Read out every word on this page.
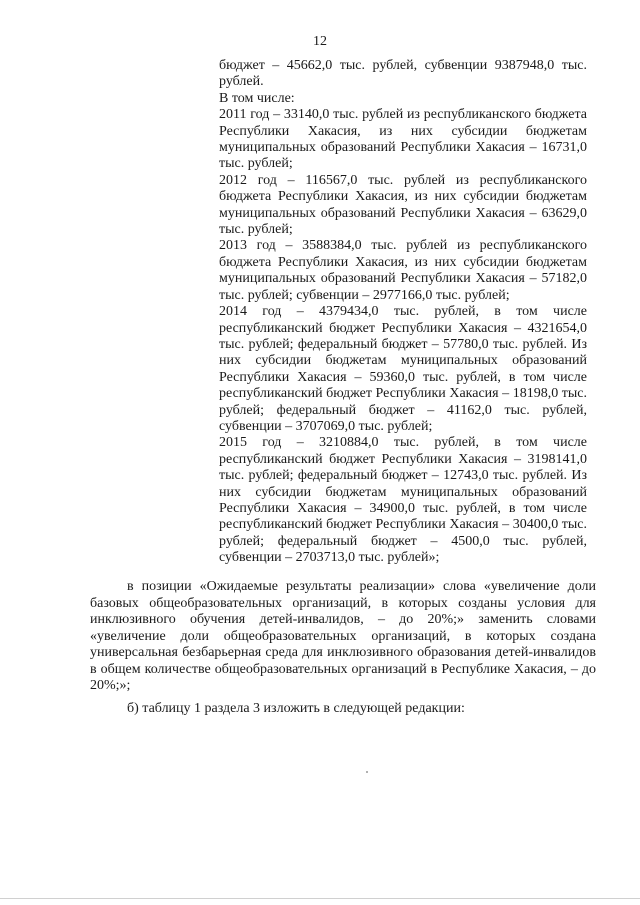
12

бюджет – 45662,0 тыс. рублей, субвенции 9387948,0 тыс. рублей.

В том числе:

2011 год – 33140,0 тыс. рублей из республиканского бюджета Республики Хакасия, из них субсидии бюджетам муниципальных образований Республики Хакасия – 16731,0 тыс. рублей;

2012 год – 116567,0 тыс. рублей из республиканского бюджета Республики Хакасия, из них субсидии бюджетам муниципальных образований Республики Хакасия – 63629,0 тыс. рублей;

2013 год – 3588384,0 тыс. рублей из республиканского бюджета Республики Хакасия, из них субсидии бюджетам муниципальных образований Республики Хакасия – 57182,0 тыс. рублей; субвенции – 2977166,0 тыс. рублей;

2014 год – 4379434,0 тыс. рублей, в том числе республиканский бюджет Республики Хакасия – 4321654,0 тыс. рублей; федеральный бюджет – 57780,0 тыс. рублей. Из них субсидии бюджетам муниципальных образований Республики Хакасия – 59360,0 тыс. рублей, в том числе республиканский бюджет Республики Хакасия – 18198,0 тыс. рублей; федеральный бюджет – 41162,0 тыс. рублей, субвенции – 3707069,0 тыс. рублей;

2015 год – 3210884,0 тыс. рублей, в том числе республиканский бюджет Республики Хакасия – 3198141,0 тыс. рублей; федеральный бюджет – 12743,0 тыс. рублей. Из них субсидии бюджетам муниципальных образований Республики Хакасия – 34900,0 тыс. рублей, в том числе республиканский бюджет Республики Хакасия – 30400,0 тыс. рублей; федеральный бюджет – 4500,0 тыс. рублей, субвенции – 2703713,0 тыс. рублей»;

в позиции «Ожидаемые результаты реализации» слова «увеличение доли базовых общеобразовательных организаций, в которых созданы условия для инклюзивного обучения детей-инвалидов, – до 20%;» заменить словами «увеличение доли общеобразовательных организаций, в которых создана универсальная безбарьерная среда для инклюзивного образования детей-инвалидов в общем количестве общеобразовательных организаций в Республике Хакасия, – до 20%;»;

б) таблицу 1 раздела 3 изложить в следующей редакции:
